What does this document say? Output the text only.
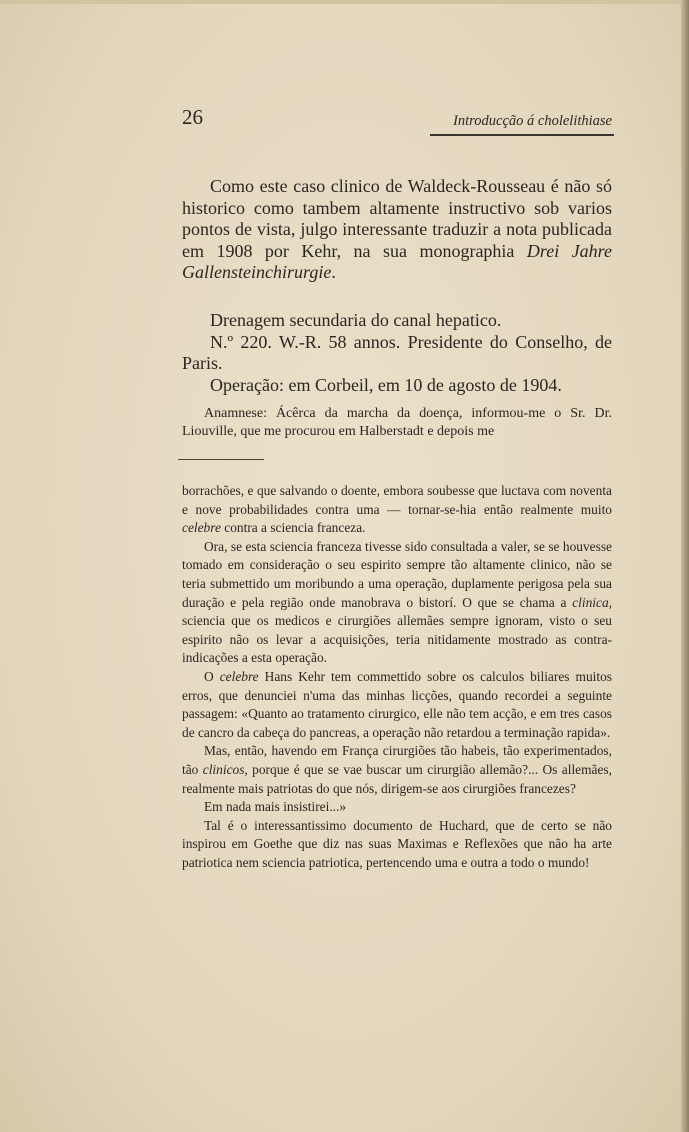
26	Introducção á cholelithiase

Como este caso clinico de Waldeck-Rousseau é não só historico como tambem altamente instructivo sob varios pontos de vista, julgo interessante traduzir a nota publicada em 1908 por Kehr, na sua monographia Drei Jahre Gallensteinchirurgie.

Drenagem secundaria do canal hepatico.

N.º 220. W.-R. 58 annos. Presidente do Conselho, de Paris.

Operação: em Corbeil, em 10 de agosto de 1904.

Anamnese: Ácêrca da marcha da doença, informou-me o Sr. Dr. Liouville, que me procurou em Halberstadt e depois me

borrachões, e que salvando o doente, embora soubesse que luctava com noventa e nove probabilidades contra uma — tornar-se-hia então realmente muito celebre contra a sciencia franceza.

Ora, se esta sciencia franceza tivesse sido consultada a valer, se se houvesse tomado em consideração o seu espirito sempre tão altamente clinico, não se teria submettido um moribundo a uma operação, duplamente perigosa pela sua duração e pela região onde manobrava o bistorí. O que se chama a clinica, sciencia que os medicos e cirurgiões allemães sempre ignoram, visto o seu espirito não os levar a acquisições, teria nitidamente mostrado as contra-indicações a esta operação.

O celebre Hans Kehr tem commettido sobre os calculos biliares muitos erros, que denunciei n'uma das minhas licções, quando recordei a seguinte passagem: «Quanto ao tratamento cirurgico, elle não tem acção, e em tres casos de cancro da cabeça do pancreas, a operação não retardou a terminação rapida».

Mas, então, havendo em França cirurgiões tão habeis, tão experimentados, tão clinicos, porque é que se vae buscar um cirurgião allemão?... Os allemães, realmente mais patriotas do que nós, dirigem-se aos cirurgiões francezes?

Em nada mais insistirei...»

Tal é o interessantissimo documento de Huchard, que de certo se não inspirou em Goethe que diz nas suas Maximas e Reflexões que não ha arte patriotica nem sciencia patriotica, pertencendo uma e outra a todo o mundo!
